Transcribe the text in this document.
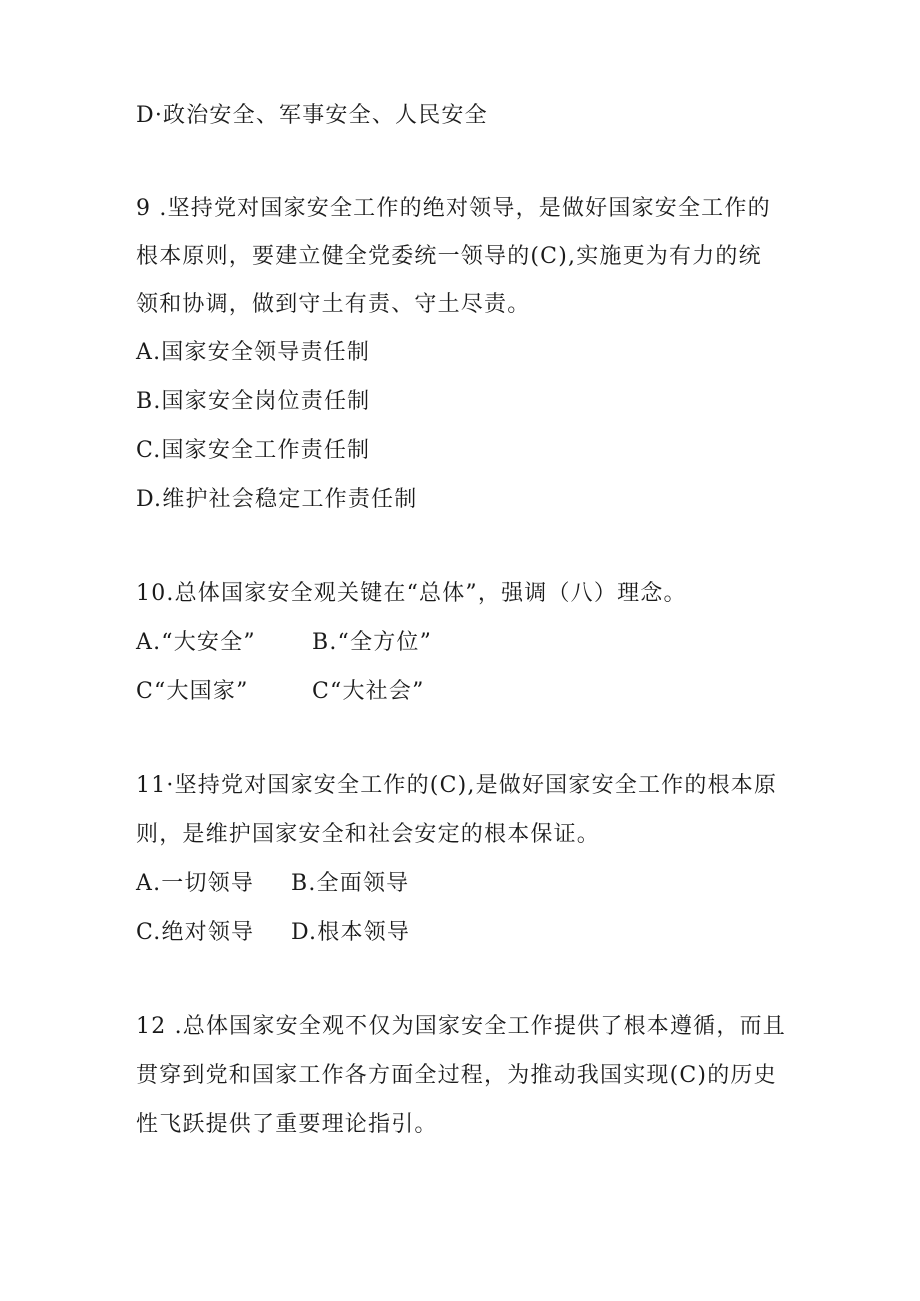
D·政治安全、军事安全、人民安全
9 .坚持党对国家安全工作的绝对领导，是做好国家安全工作的
根本原则，要建立健全党委统一领导的(C),实施更为有力的统
领和协调，做到守土有责、守土尽责。
A.国家安全领导责任制
B.国家安全岗位责任制
C.国家安全工作责任制
D.维护社会稳定工作责任制
10.总体国家安全观关键在“总体”，强调（八）理念。
A.“大安全”	B.“全方位”
C“大国家”	C“大社会”
11·坚持党对国家安全工作的(C),是做好国家安全工作的根本原
则，是维护国家安全和社会安定的根本保证。
A.一切领导 B.全面领导
C.绝对领导 D.根本领导
12 .总体国家安全观不仅为国家安全工作提供了根本遵循，而且
贯穿到党和国家工作各方面全过程，为推动我国实现(C)的历史
性飞跃提供了重要理论指引。
